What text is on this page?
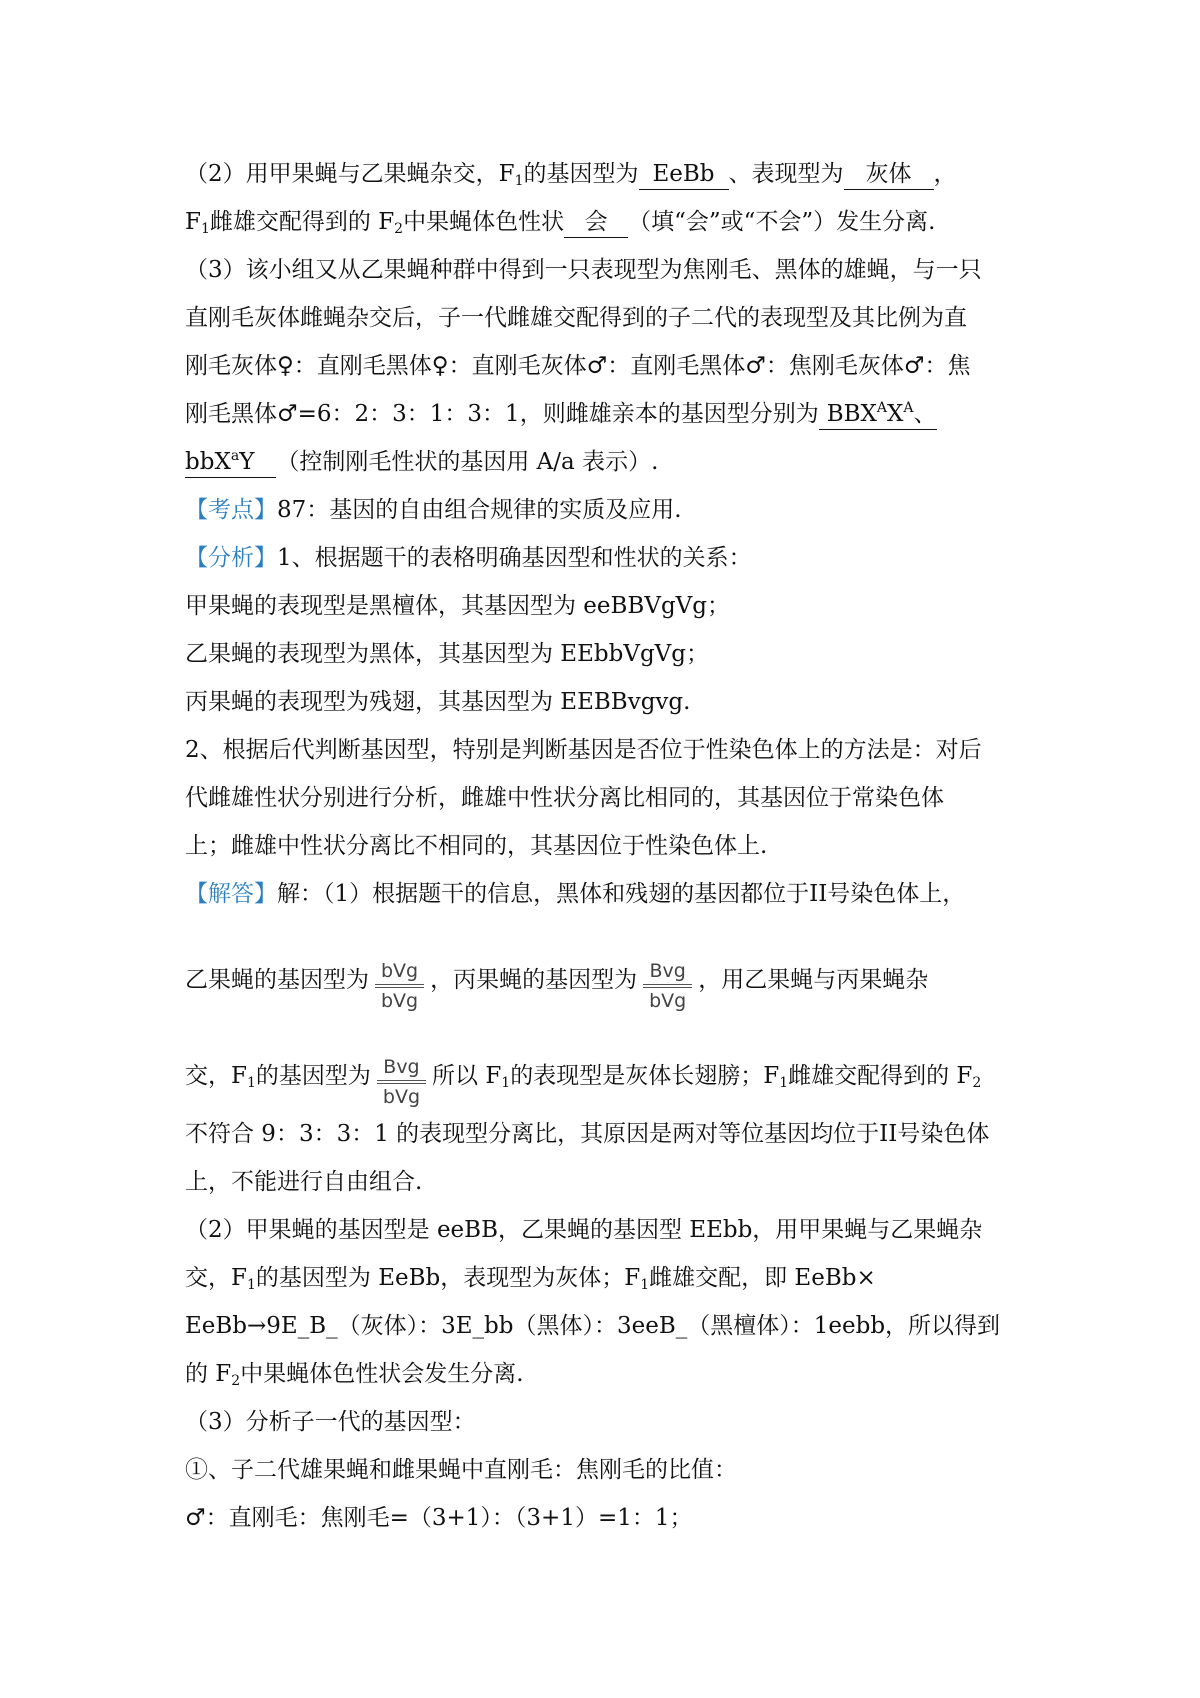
（2）用甲果蝇与乙果蝇杂交，$F_1$的基因型为 EeBb 、表现型为 灰体 ，
$F_1$雌雄交配得到的 $F_2$中果蝇体色性状 会 （填“会”或“不会”）发生分离.
（3）该小组又从乙果蝇种群中得到一只表现型为焦刚毛、黑体的雄蝇，与一只
直刚毛灰体雌蝇杂交后，子一代雌雄交配得到的子二代的表现型及其比例为直
刚毛灰体♀：直刚毛黑体♀：直刚毛灰体♂：直刚毛黑体♂：焦刚毛灰体♂：焦
刚毛黑体♂=6：2：3：1：3：1，则雌雄亲本的基因型分别为 $BBX^AX^A$、
bbX$^a$Y （控制刚毛性状的基因用 A/a 表示）.
【考点】87：基因的自由组合规律的实质及应用.
【分析】1、根据题干的表格明确基因型和性状的关系：
甲果蝇的表现型是黑檀体，其基因型为 eeBBVgVg；
乙果蝇的表现型为黑体，其基因型为 EEbbVgVg；
丙果蝇的表现型为残翅，其基因型为 EEBBvgvg.
2、根据后代判断基因型，特别是判断基因是否位于性染色体上的方法是：对后
代雌雄性状分别进行分析，雌雄中性状分离比相同的，其基因位于常染色体
上；雌雄中性状分离比不相同的，其基因位于性染色体上.
【解答】解：（1）根据题干的信息，黑体和残翅的基因都位于II号染色体上，
乙果蝇的基因型为 $\frac{\text{bVg}}{\text{bVg}}$ ，丙果蝇的基因型为 $\frac{\text{Bvg}}{\text{bVg}}$ ，用乙果蝇与丙果蝇杂
交，$F_1$的基因型为 $\frac{\text{Bvg}}{\text{bVg}}$ 所以 $F_1$的表现型是灰体长翅膀；$F_1$雌雄交配得到的 $F_2$
不符合 9：3：3：1 的表现型分离比，其原因是两对等位基因均位于II号染色体
上，不能进行自由组合.
（2）甲果蝇的基因型是 eeBB，乙果蝇的基因型 EEbb，用甲果蝇与乙果蝇杂
交，$F_1$的基因型为 EeBb，表现型为灰体；$F_1$雌雄交配，即 EeBb×
EeBb→9E_B_（灰体）：3E_bb（黑体）：3eeB_（黑檀体）：1eebb，所以得到
的 $F_2$中果蝇体色性状会发生分离.
（3）分析子一代的基因型：
①、子二代雄果蝇和雌果蝇中直刚毛：焦刚毛的比值：
♂：直刚毛：焦刚毛=（3+1）：（3+1）=1：1；
